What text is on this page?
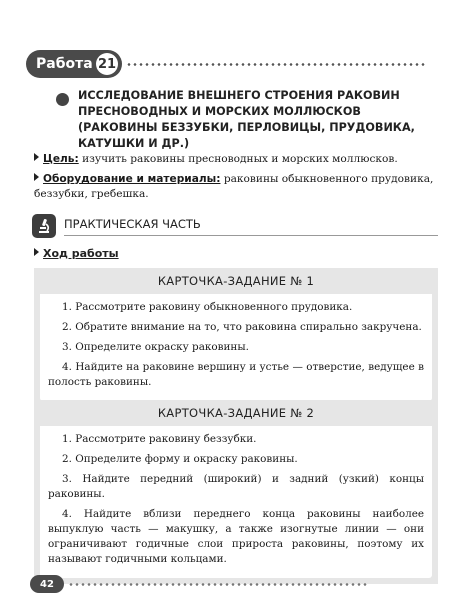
Работа 21
ИССЛЕДОВАНИЕ ВНЕШНЕГО СТРОЕНИЯ РАКОВИН ПРЕСНОВОДНЫХ И МОРСКИХ МОЛЛЮСКОВ (РАКОВИНЫ БЕЗЗУБКИ, ПЕРЛОВИЦЫ, ПРУДОВИКА, КАТУШКИ И ДР.)

Цель: изучить раковины пресноводных и морских моллюсков.

Оборудование и материалы: раковины обыкновенного прудовика, беззубки, гребешка.

ПРАКТИЧЕСКАЯ ЧАСТЬ
Ход работы
КАРТОЧКА-ЗАДАНИЕ № 1
1. Рассмотрите раковину обыкновенного прудовика.
2. Обратите внимание на то, что раковина спирально закручена.
3. Определите окраску раковины.
4. Найдите на раковине вершину и устье — отверстие, ведущее в полость раковины.
КАРТОЧКА-ЗАДАНИЕ № 2
1. Рассмотрите раковину беззубки.
2. Определите форму и окраску раковины.
3. Найдите передний (широкий) и задний (узкий) концы раковины.
4. Найдите вблизи переднего конца раковины наиболее выпуклую часть — макушку, а также изогнутые линии — они ограничивают годичные слои прироста раковины, поэтому их называют годичными кольцами.
42
